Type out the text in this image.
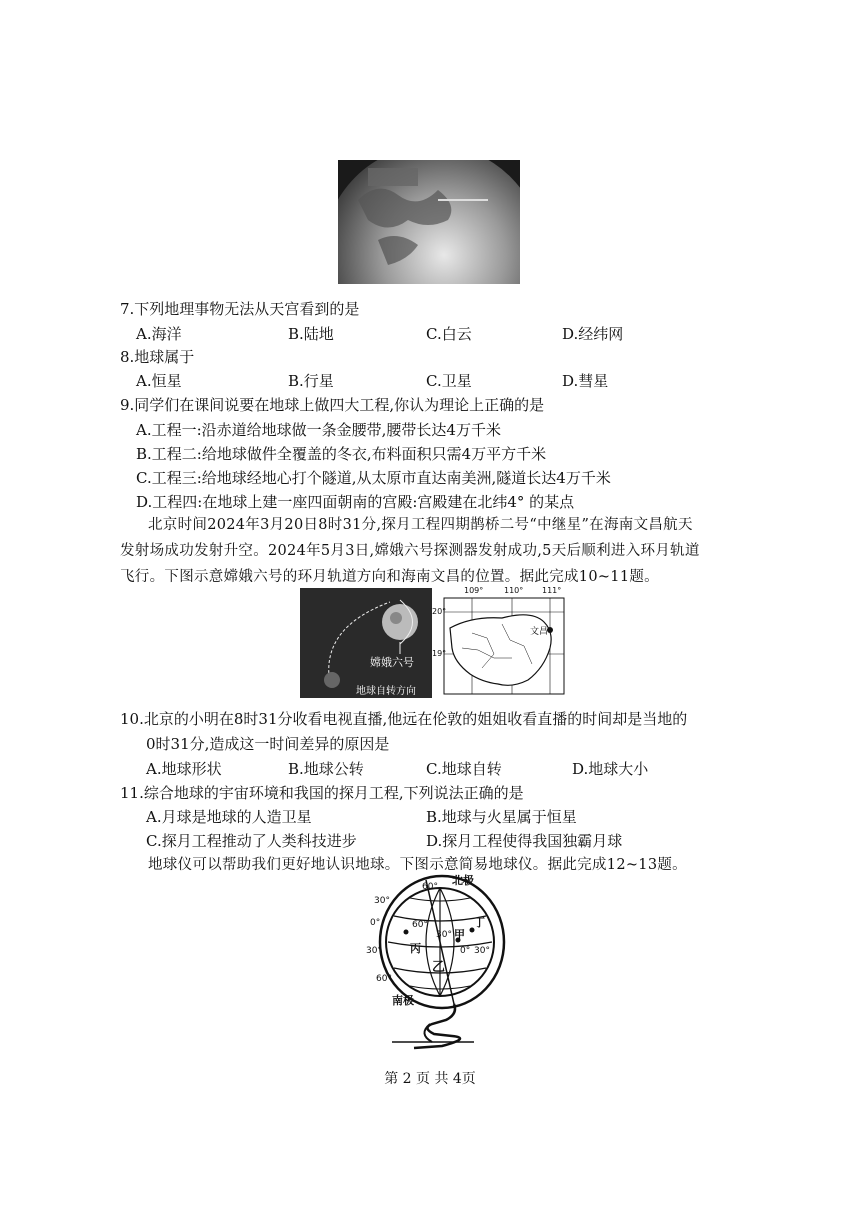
7.下列地理事物无法从天宫看到的是
A.海洋	B.陆地	C.白云	D.经纬网
8.地球属于
A.恒星	B.行星	C.卫星	D.彗星
9.同学们在课间说要在地球上做四大工程,你认为理论上正确的是
A.工程一:沿赤道给地球做一条金腰带,腰带长达4万千米
B.工程二:给地球做件全覆盖的冬衣,布料面积只需4万平方千米
C.工程三:给地球经地心打个隧道,从太原市直达南美洲,隧道长达4万千米
D.工程四:在地球上建一座四面朝南的宫殿:宫殿建在北纬4° 的某点
北京时间2024年3月20日8时31分,探月工程四期鹊桥二号“中继星”在海南文昌航天
发射场成功发射升空。2024年5月3日,嫦娥六号探测器发射成功,5天后顺利进入环月轨道
飞行。下图示意嫦娥六号的环月轨道方向和海南文昌的位置。据此完成10~11题。
嫦娥六号
地球自转方向
109°	110° 111°
20°
19°
文昌
10.北京的小明在8时31分收看电视直播,他远在伦敦的姐姐收看直播的时间却是当地的
0时31分,造成这一时间差异的原因是
A.地球形状	B.地球公转	C.地球自转	D.地球大小
11.综合地球的宇宙环境和我国的探月工程,下列说法正确的是
A.月球是地球的人造卫星	B.地球与火星属于恒星
C.探月工程推动了人类科技进步	D.探月工程使得我国独霸月球
地球仪可以帮助我们更好地认识地球。下图示意简易地球仪。据此完成12~13题。
北极
南极
60°
30°
0°
30°
60°
60°
30°
0° 30°
甲
乙
丙
丁
第 2 页 共 4页
